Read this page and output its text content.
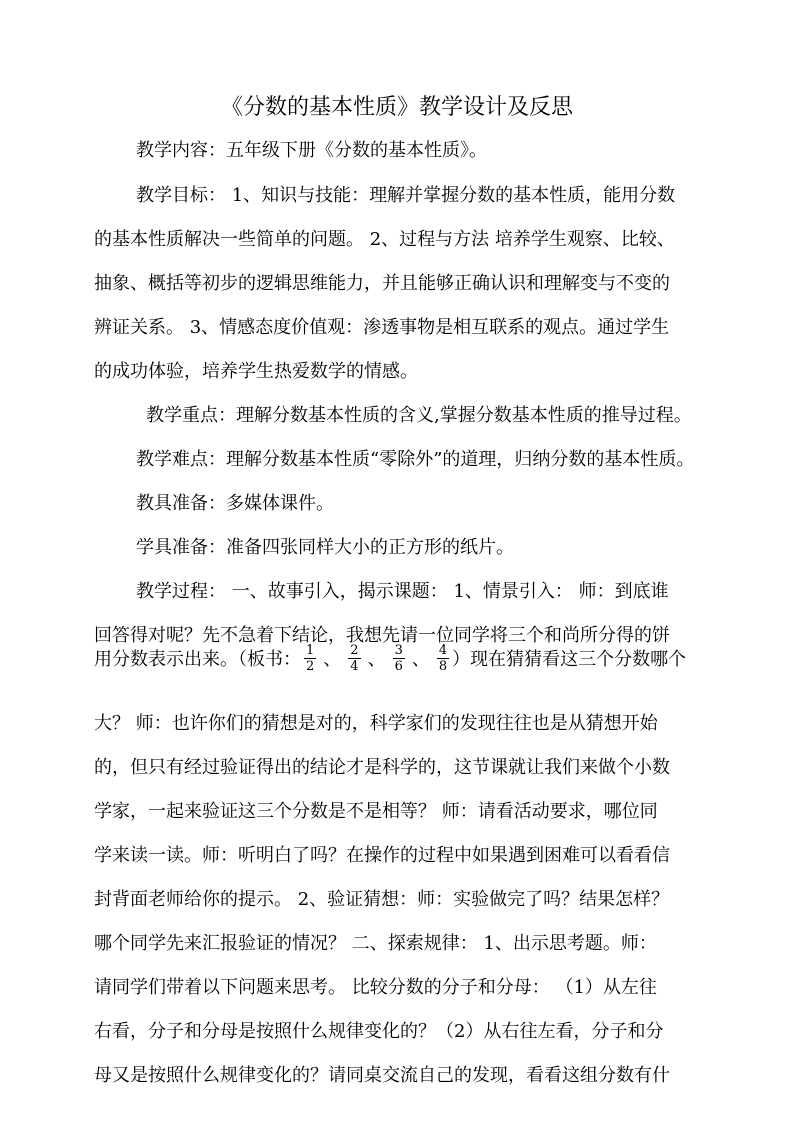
《分数的基本性质》教学设计及反思
教学内容：五年级下册《分数的基本性质》。
教学目标： 1、知识与技能：理解并掌握分数的基本性质，能用分数
的基本性质解决一些简单的问题。 2、过程与方法 培养学生观察、比较、
抽象、概括等初步的逻辑思维能力，并且能够正确认识和理解变与不变的
辨证关系。 3、情感态度价值观：渗透事物是相互联系的观点。通过学生
的成功体验，培养学生热爱数学的情感。
教学重点：理解分数基本性质的含义,掌握分数基本性质的推导过程。
教学难点：理解分数基本性质“零除外”的道理，归纳分数的基本性质。
教具准备：多媒体课件。
学具准备：准备四张同样大小的正方形的纸片。
教学过程： 一、故事引入，揭示课题： 1、情景引入： 师：到底谁
回答得对呢？先不急着下结论，我想先请一位同学将三个和尚所分得的饼
用分数表示出来。（板书： $\frac{1}{2}$ 、 $\frac{2}{4}$ 、 $\frac{3}{6}$ 、 $\frac{4}{8}$ ）现在猜猜看这三个分数哪个
大？ 师：也许你们的猜想是对的，科学家们的发现往往也是从猜想开始
的，但只有经过验证得出的结论才是科学的，这节课就让我们来做个小数
学家，一起来验证这三个分数是不是相等？ 师：请看活动要求，哪位同
学来读一读。师：听明白了吗？在操作的过程中如果遇到困难可以看看信
封背面老师给你的提示。 2、验证猜想：师：实验做完了吗？结果怎样？
哪个同学先来汇报验证的情况？ 二、探索规律： 1、出示思考题。师：
请同学们带着以下问题来思考。 比较分数的分子和分母： （1）从左往
右看，分子和分母是按照什么规律变化的？（2）从右往左看，分子和分
母又是按照什么规律变化的？请同桌交流自己的发现，看看这组分数有什
